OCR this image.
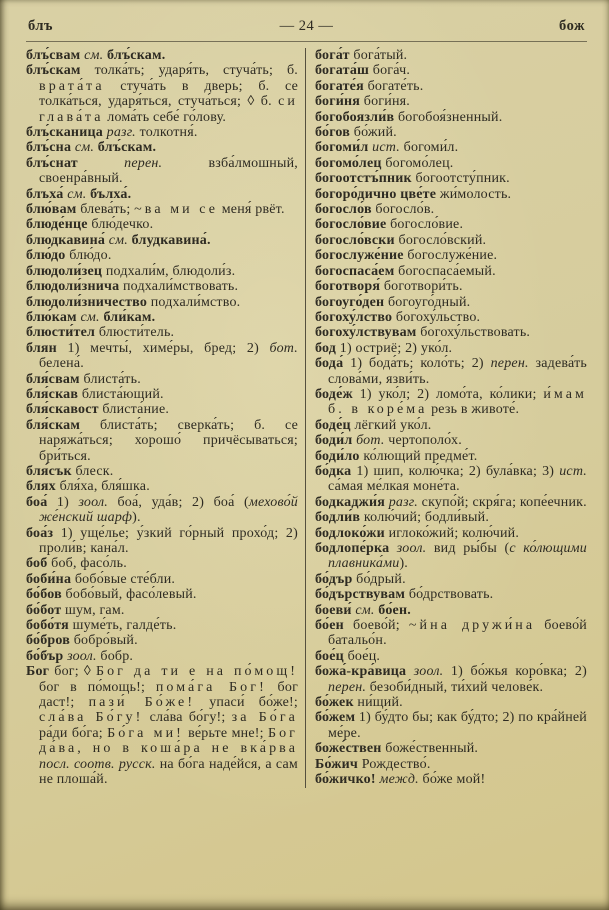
блъ	— 24 —	бож

блъ́свам см. блъ́скам.

блъ́скам толка́ть; ударя́ть, стуча́ть; б. врата́та стуча́ть в дверь; б. се толка́ться, ударя́ться, стуча́ться; ◊ б. си глава́та лома́ть себе́ го́лову.

блъ́сканица разг. толкотня́.

блъ́сна см. блъ́скам.

блъ́снат перен. взба́лмошный, своенра́вный.

блъха́ см. бълха́.

блю́вам блева́ть; ~ва ми се меня́ рвёт.

блюде́нце блю́дечко.

блюдкавина́ см. блудкавина́.

блю́до блю́до.

блюдоли́зец подхали́м, блюдоли́з.

блюдоли́знича подхали́мствовать.

блюдоли́зничество подхали́мство.

блю́кам см. бли́кам.

блюсти́тел блюсти́тель.

блян 1) мечты́, химе́ры, бред; 2) бот. белена́.

бля́свам блиста́ть.

бля́скав блиста́ющий.

бля́скавост блиста́ние.

бля́скам блиста́ть; сверка́ть; б. се наряжа́ться; хорошо́ причёсываться; бри́ться.

бля́сък блеск.

блях бля́ха, бля́шка.

боа́ 1) зоол. боа́, уда́в; 2) боа́ (мехово́й же́нский шарф).

боа́з 1) уще́лье; у́зкий го́рный прохо́д; 2) проли́в; кана́л.

боб боб, фасо́ль.

боби́на бобо́вые сте́бли.

бо́бов бобо́вый, фасо́левый.

бо́бот шум, гам.

бобо́тя шуме́ть, галде́ть.

бо́бров бобро́вый.

бо́бър зоол. бобр.

Бог бог; ◊ Бог да ти е на по́мощ! бог в по́мощь!; пома́га Бог! бог даст!; пази́ Бо́же! упаси́ бо́же!; сла́ва Бо́гу! сла́ва бо́гу!; за Бо́га ра́ди бо́га; Бо́га ми! ве́рьте мне!; Бог да́ва, но в коша́ра не вка́рва посл. соотв. русск. на бо́га наде́йся, а сам не плоша́й.

бога́т бога́тый.

богата́ш бога́ч.

богате́я богате́ть.

боги́ня боги́ня.

богобоязли́в богобоя́зненный.

бо́гов бо́жий.

богоми́л ист. богоми́л.

богомо́лец богомо́лец.

богоотстъ́пник богоотсту́пник.

богоро́дично цве́те жи́молость.

богосло́в богосло́в.

богосло́вие богосло́вие.

богосло́вски богосло́вский.

богослуже́ние богослуже́ние.

богоспаса́ем богоспаса́емый.

боготворя́ боготвори́ть.

богоуго́ден богоуго́дный.

богоху́лство богоху́льство.

богоху́лствувам богоху́льствовать.

бод 1) остриё; 2) уко́л.

бода́ 1) бода́ть; коло́ть; 2) перен. задева́ть слова́ми, язви́ть.

боде́ж 1) уко́л; 2) ломо́та, ко́лики; и́мам б. в коре́ма резь в животе́.

боде́ц лёгкий уко́л.

боди́л бот. чертополо́х.

боди́ло ко́лющий предме́т.

бо́дка 1) шип, колю́чка; 2) була́вка; 3) ист. са́мая ме́лкая моне́та.

бодкаджи́я разг. скупо́й; скря́га; копе́ечник.

бодли́в колю́чий; бодли́вый.

бодлоко́жи иглоко́жий; колю́чий.

бодлопе́рка зоол. вид ры́бы (с ко́лющими плавника́ми).

бо́дър бо́дрый.

бо́дърствувам бо́дрствовать.

боеви́ см. бо́ен.

бо́ен боево́й; ~йна дружи́на боево́й батальо́н.

бое́ц бое́ц.

божа́-кра́вица зоол. 1) бо́жья коро́вка; 2) перен. безоби́дный, ти́хий челове́к.

бо́жек ни́щий.

бо́жем 1) бу́дто бы; как бу́дто; 2) по кра́йней ме́ре.

боже́ствен боже́ственный.

Бо́жич Рождество́.

бо́жичко! межд. бо́же мой!
